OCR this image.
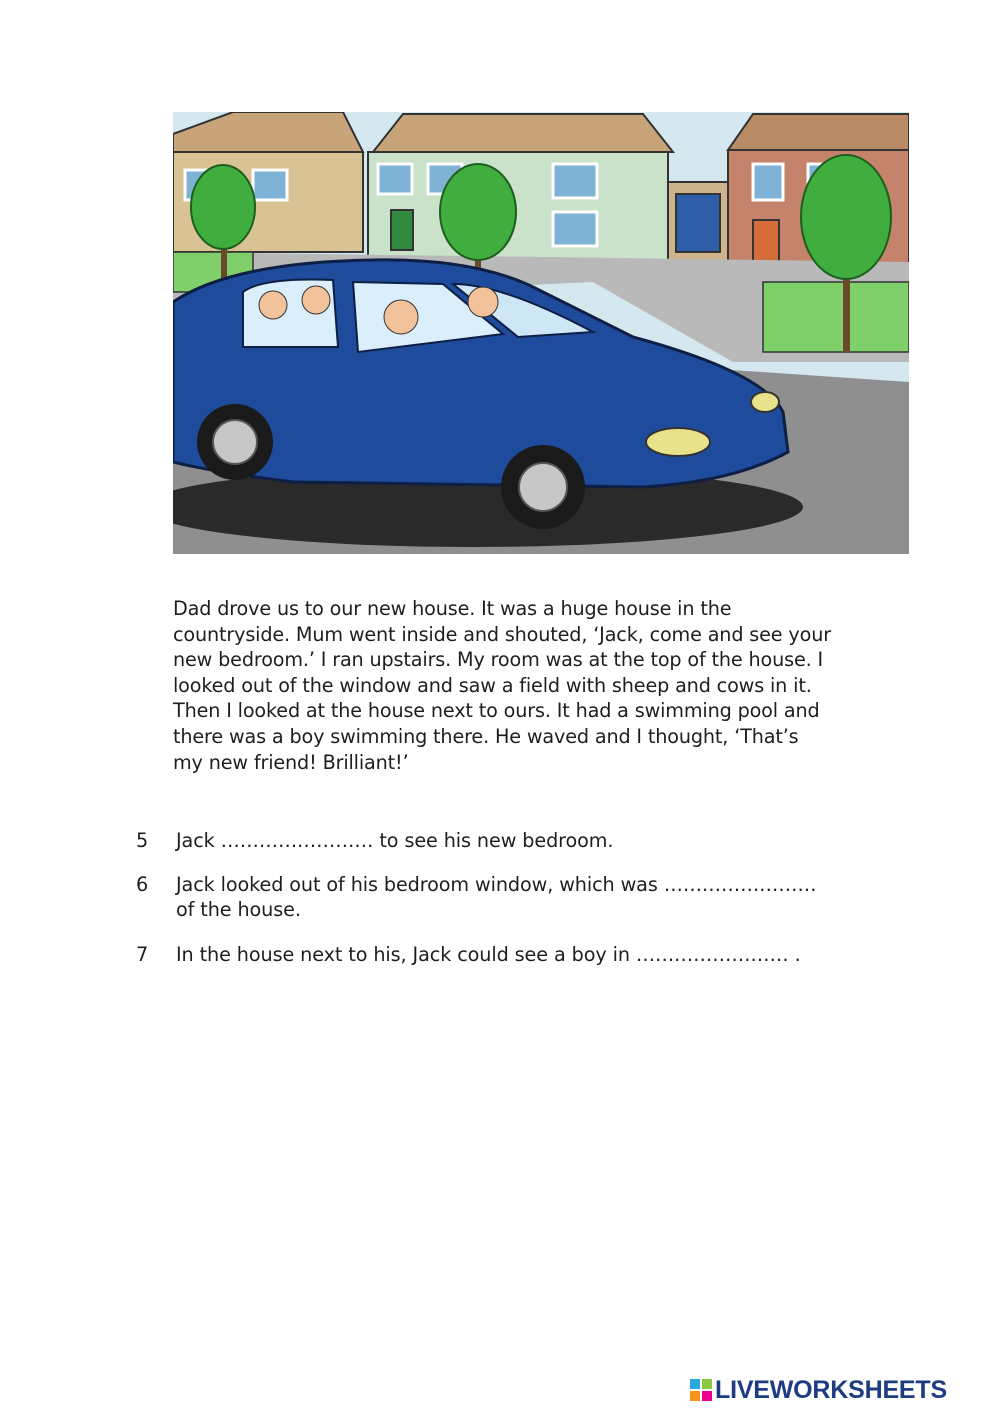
Dad drove us to our new house. It was a huge house in the
countryside. Mum went inside and shouted, ‘Jack, come and see your
new bedroom.’ I ran upstairs. My room was at the top of the house. I
looked out of the window and saw a field with sheep and cows in it.
Then I looked at the house next to ours. It had a swimming pool and
there was a boy swimming there. He waved and I thought, ‘That’s
my new friend! Brilliant!’
5	Jack …………………… to see his new bedroom.
6	Jack looked out of his bedroom window, which was ……………………
of the house.
7	In the house next to his, Jack could see a boy in …………………… .
LIVEWORKSHEETS
